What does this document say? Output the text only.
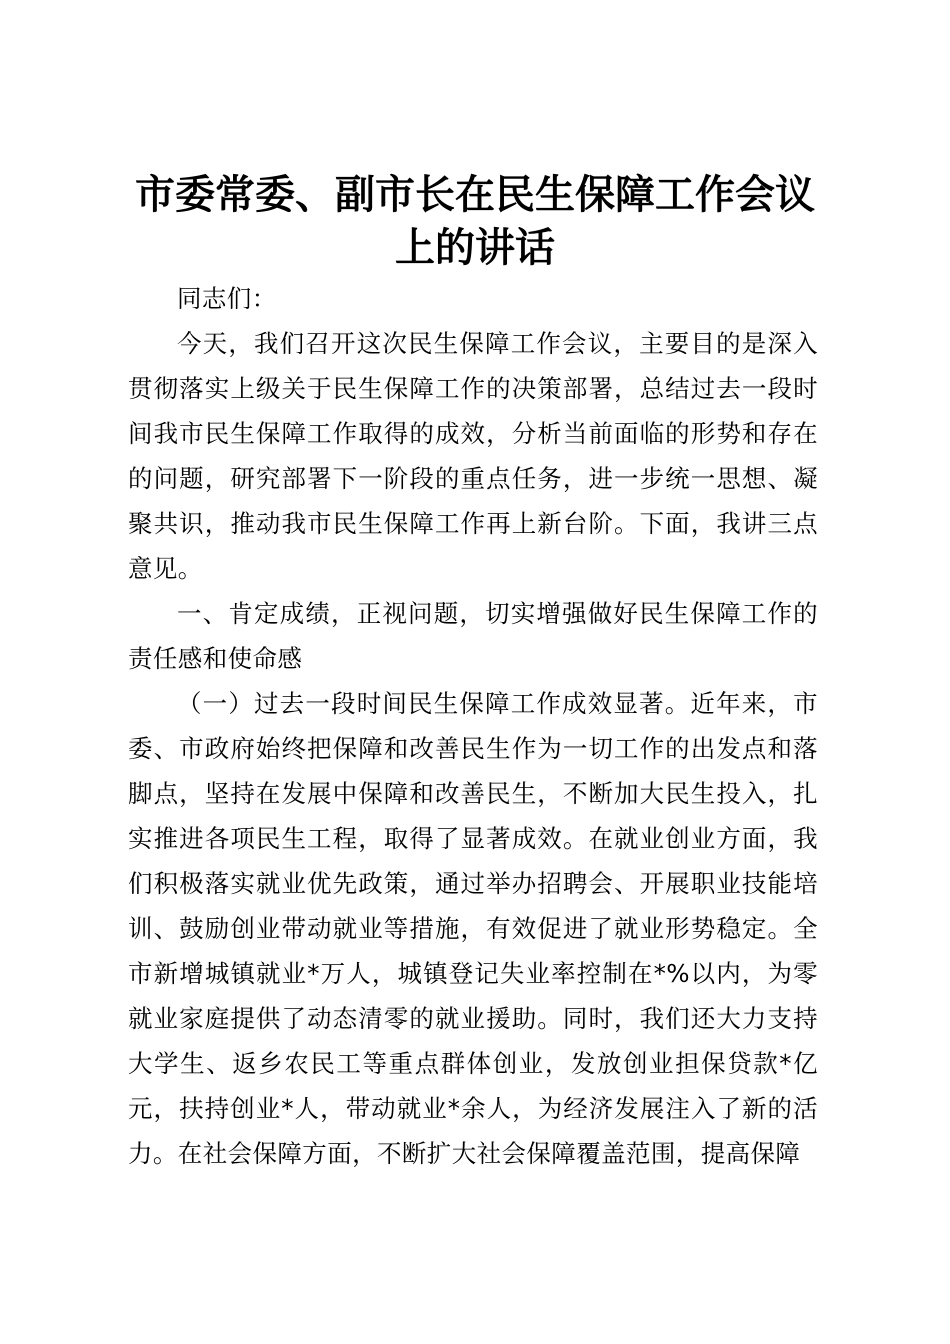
市委常委、副市长在民生保障工作会议上的讲话

同志们：

今天，我们召开这次民生保障工作会议，主要目的是深入贯彻落实上级关于民生保障工作的决策部署，总结过去一段时间我市民生保障工作取得的成效，分析当前面临的形势和存在的问题，研究部署下一阶段的重点任务，进一步统一思想、凝聚共识，推动我市民生保障工作再上新台阶。下面，我讲三点意见。

一、肯定成绩，正视问题，切实增强做好民生保障工作的责任感和使命感

（一）过去一段时间民生保障工作成效显著。近年来，市委、市政府始终把保障和改善民生作为一切工作的出发点和落脚点，坚持在发展中保障和改善民生，不断加大民生投入，扎实推进各项民生工程，取得了显著成效。在就业创业方面，我们积极落实就业优先政策，通过举办招聘会、开展职业技能培训、鼓励创业带动就业等措施，有效促进了就业形势稳定。全市新增城镇就业*万人，城镇登记失业率控制在*%以内，为零就业家庭提供了动态清零的就业援助。同时，我们还大力支持大学生、返乡农民工等重点群体创业，发放创业担保贷款*亿元，扶持创业*人，带动就业*余人，为经济发展注入了新的活力。在社会保障方面，不断扩大社会保障覆盖范围，提高保障
